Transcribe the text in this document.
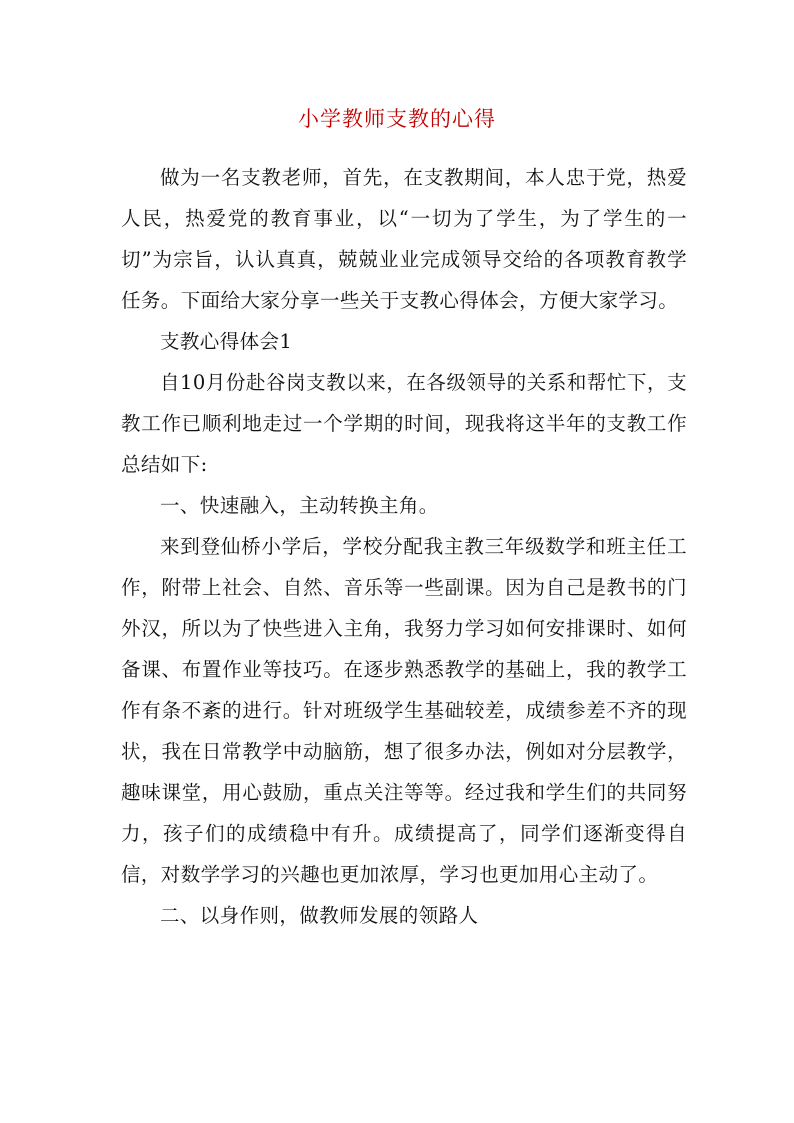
小学教师支教的心得

做为一名支教老师，首先，在支教期间，本人忠于党，热爱人民，热爱党的教育事业，以“一切为了学生，为了学生的一切”为宗旨，认认真真，兢兢业业完成领导交给的各项教育教学任务。下面给大家分享一些关于支教心得体会，方便大家学习。

支教心得体会1

自10月份赴谷岗支教以来，在各级领导的关系和帮忙下，支教工作已顺利地走过一个学期的时间，现我将这半年的支教工作总结如下:

一、快速融入，主动转换主角。

来到登仙桥小学后，学校分配我主教三年级数学和班主任工作，附带上社会、自然、音乐等一些副课。因为自己是教书的门外汉，所以为了快些进入主角，我努力学习如何安排课时、如何备课、布置作业等技巧。在逐步熟悉教学的基础上，我的教学工作有条不紊的进行。针对班级学生基础较差，成绩参差不齐的现状，我在日常教学中动脑筋，想了很多办法，例如对分层教学，趣味课堂，用心鼓励，重点关注等等。经过我和学生们的共同努力，孩子们的成绩稳中有升。成绩提高了，同学们逐渐变得自信，对数学学习的兴趣也更加浓厚，学习也更加用心主动了。

二、以身作则，做教师发展的领路人
